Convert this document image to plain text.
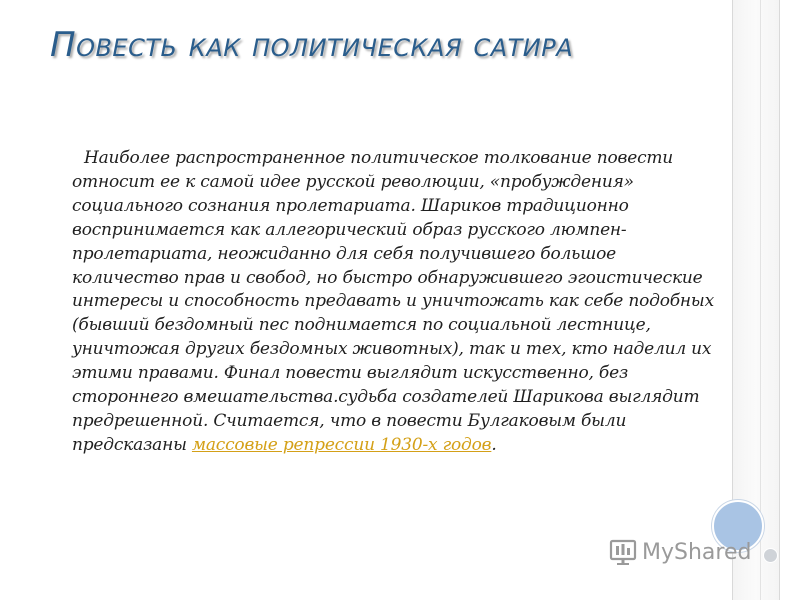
Повесть как политическая сатира

Наиболее распространенное политическое толкование повести относит ее к самой идее русской революции, «пробуждения» социального сознания пролетариата. Шариков традиционно воспринимается как аллегорический образ русского люмпен-пролетариата, неожиданно для себя получившего большое количество прав и свобод, но быстро обнаружившего эгоистические интересы и способность предавать и уничтожать как себе подобных (бывший бездомный пес поднимается по социальной лестнице, уничтожая других бездомных животных), так и тех, кто наделил их этими правами. Финал повести выглядит искусственно, без стороннего вмешательства.судьба создателей Шарикова выглядит предрешенной. Считается, что в повести Булгаковым были предсказаны массовые репрессии 1930-х годов.

MyShared
